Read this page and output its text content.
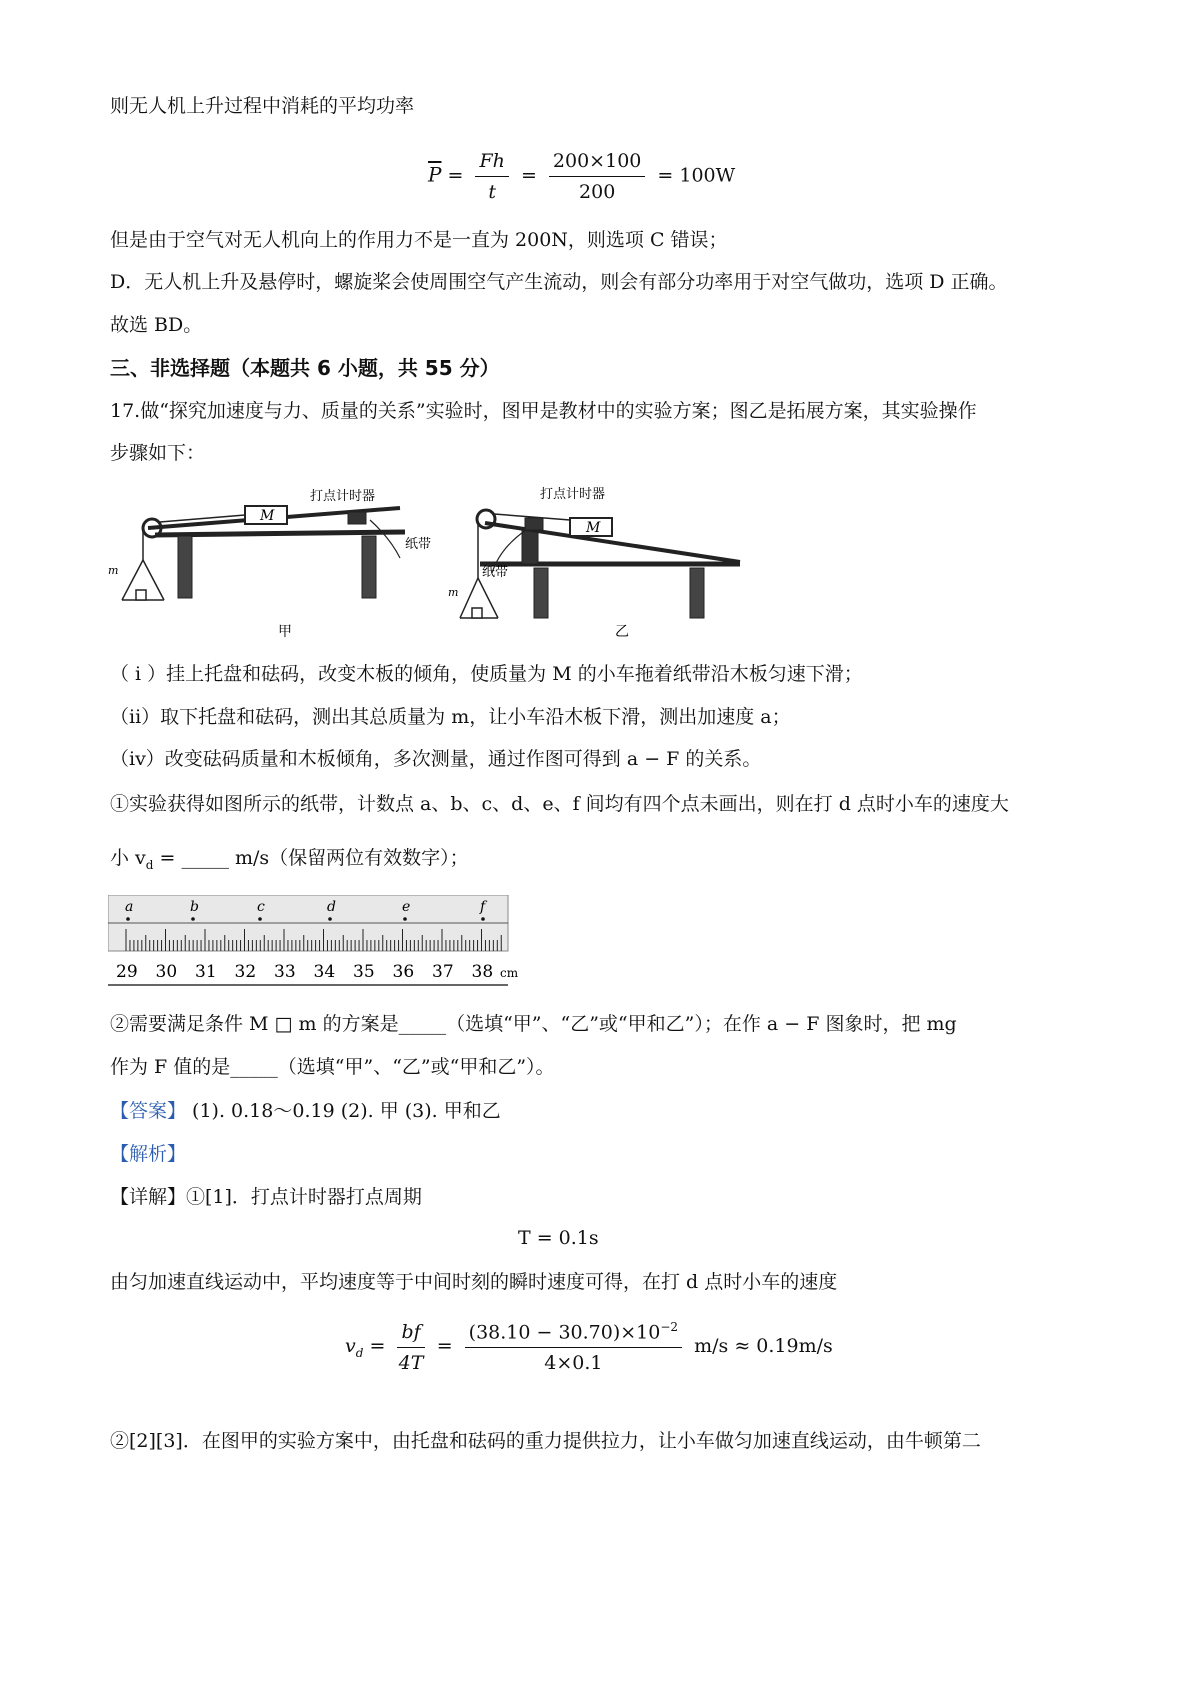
则无人机上升过程中消耗的平均功率
$\overline{P} = \frac{Fh}{t} = \frac{200\times 100}{200} = 100W$
但是由于空气对无人机向上的作用力不是一直为 200N，则选项 C 错误；
D．无人机上升及悬停时，螺旋桨会使周围空气产生流动，则会有部分功率用于对空气做功，选项 D 正确。
故选 BD。
三、非选择题（本题共 6 小题，共 55 分）
17.做“探究加速度与力、质量的关系”实验时，图甲是教材中的实验方案；图乙是拓展方案，其实验操作
步骤如下：
M
m
打点计时器
纸带
甲
M
m
打点计时器
纸带
乙
（ i ）挂上托盘和砝码，改变木板的倾角，使质量为 M 的小车拖着纸带沿木板匀速下滑；
（ii）取下托盘和砝码，测出其总质量为 m，让小车沿木板下滑，测出加速度 a；
（iv）改变砝码质量和木板倾角，多次测量，通过作图可得到 a − F 的关系。
①实验获得如图所示的纸带，计数点 a、b、c、d、e、f 间均有四个点未画出，则在打 d 点时小车的速度大
小 $v_d$ = _____ m/s（保留两位有效数字）；
a	b	c	d	e	f
29 30 31 32 33 34 35 36 37 38 cm
②需要满足条件 M □ m 的方案是_____（选填“甲”、“乙”或“甲和乙”）；在作 a − F 图象时，把 mg
作为 F 值的是_____（选填“甲”、“乙”或“甲和乙”）。
【答案】 (1). 0.18～0.19 (2). 甲 (3). 甲和乙
【解析】
【详解】①[1]．打点计时器打点周期
T = 0.1s
由匀加速直线运动中，平均速度等于中间时刻的瞬时速度可得，在打 d 点时小车的速度
$v_d = \frac{bf}{4T} = \frac{(38.10 - 30.70)\times 10^{-2}}{4\times 0.1} m/s \approx 0.19m/s$
②[2][3]．在图甲的实验方案中，由托盘和砝码的重力提供拉力，让小车做匀加速直线运动，由牛顿第二
